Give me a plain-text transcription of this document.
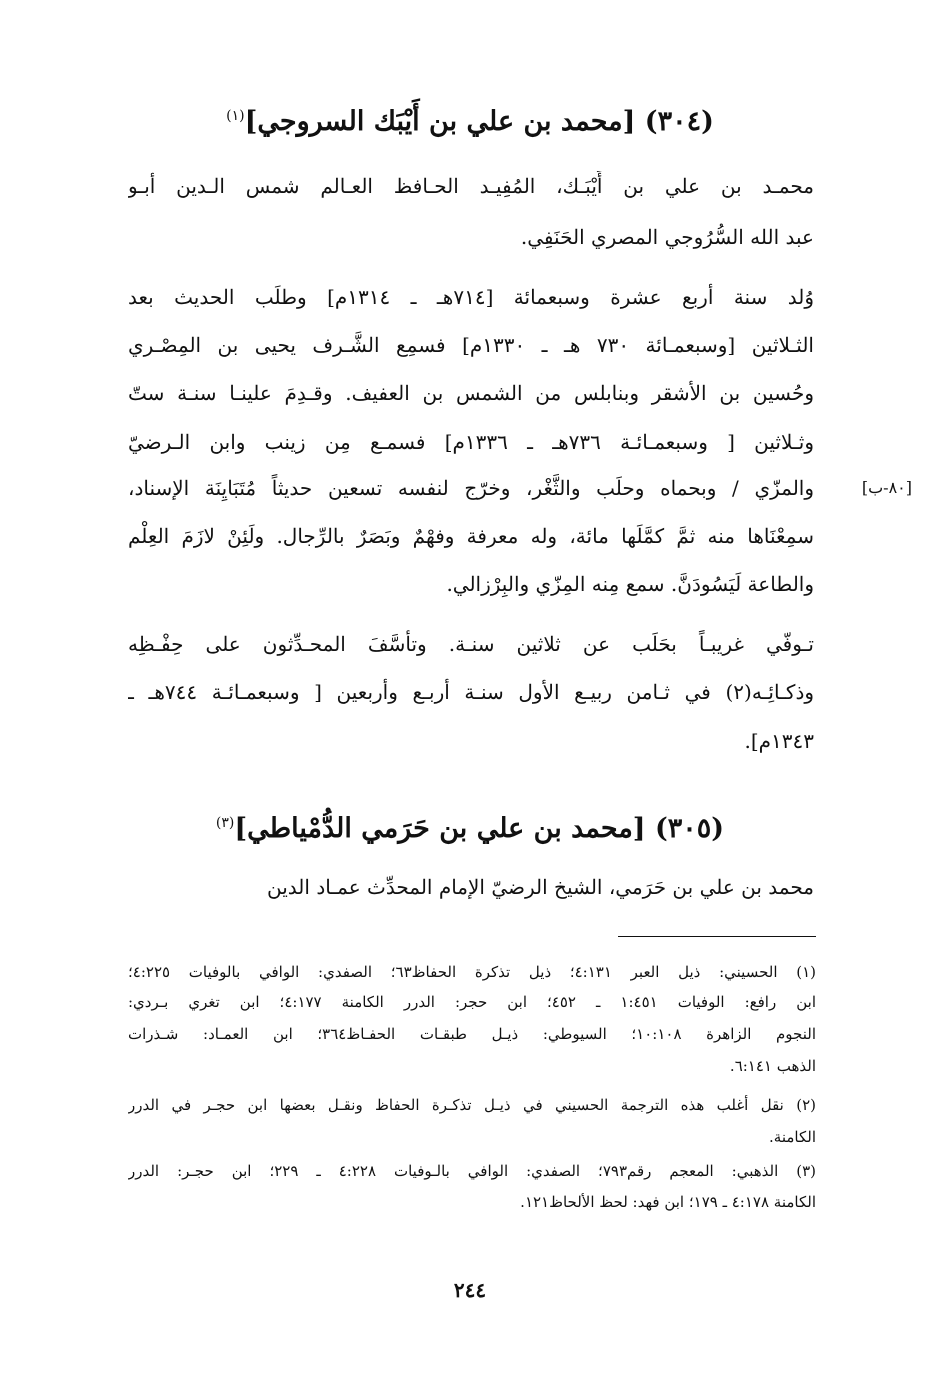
(٣٠٤) [محمد بن علي بن أَيْبَك السروجي]$^{(١)}$
محمـد بن علي بن أَيْبَـك، المُفِيـد الحـافظ العـالم شمس الـدين أبـو
عبد الله السُّرُوجي المصري الحَنَفِي.
وُلد سنة أربع عشرة وسبعمائة [٧١٤هـ ـ ١٣١٤م] وطلَب الحديث بعد
الثـلاثين [وسبعمـائة ٧٣٠ هـ ـ ١٣٣٠م] فسمِع الشَّـرف يحيى بن المِصْـري
وحُسين بن الأشقر وبنابلس من الشمس بن العفيف. وقـدِمَ علينـا سنـة ستّ
وثـلاثين [ وسبعمـائـة ٧٣٦هـ ـ ١٣٣٦م] فسمـع مِن زينب وابن الـرضيّ
والمزّي / وبحماه وحلَب والثَّغْر، وخرّج لنفسه تسعين حديثاً مُتَبَايِنَة الإسناد،	[٨٠-ب]
سمِعْنَاها منه ثمَّ كمَّلَها مائة، وله معرفة وفهْمٌ وبَصَرٌ بالرِّجال. ولَئِنْ لازَمَ العِلْم
والطاعة لَيَسُودَنَّ. سمع مِنه المِزّي والبِرْزالي.
تـوفّي غريبـاً بحَلَب عن ثلاثين سنـة. وتأسَّفَ المحـدِّثون على حِفْـظِه
وذكـائِـه(٢) في ثـامن ربيـع الأول سنـة أربـع وأربعين [ وسبعمـائـة ٧٤٤هـ ـ
١٣٤٣م].
(٣٠٥) [محمد بن علي بن حَرَمي الدُّمْياطي]$^{(٣)}$
محمد بن علي بن حَرَمي، الشيخ الرضيّ الإمام المحدِّث عمـاد الدين
(١) الحسيني: ذيل العبر ٤:١٣١؛ ذيل تذكرة الحفاظ٦٣؛ الصفدي: الوافي بالوفيات ٤:٢٢٥؛
ابن رافع: الوفيات ١:٤٥١ ـ ٤٥٢؛ ابن حجر: الدرر الكامنة ٤:١٧٧؛ ابن تغري بـردي:
النجوم الزاهرة ١٠:١٠٨؛ السيوطي: ذيـل طبقـات الحفـاظ٣٦٤؛ ابن العمـاد: شـذرات
الذهب ٦:١٤١.
(٢) نقل أغلب هذه الترجمة الحسيني في ذيـل تذكـرة الحفاظ ونقـل بعضها ابن حجـر في الدرر
الكامنة.
(٣) الذهبي: المعجم رقم٧٩٣؛ الصفدي: الوافي بالـوفيات ٤:٢٢٨ ـ ٢٢٩؛ ابن حجـر: الدرر
الكامنة ٤:١٧٨ ـ ١٧٩؛ ابن فهد: لحظ الألحاظ١٢١.
٢٤٤
